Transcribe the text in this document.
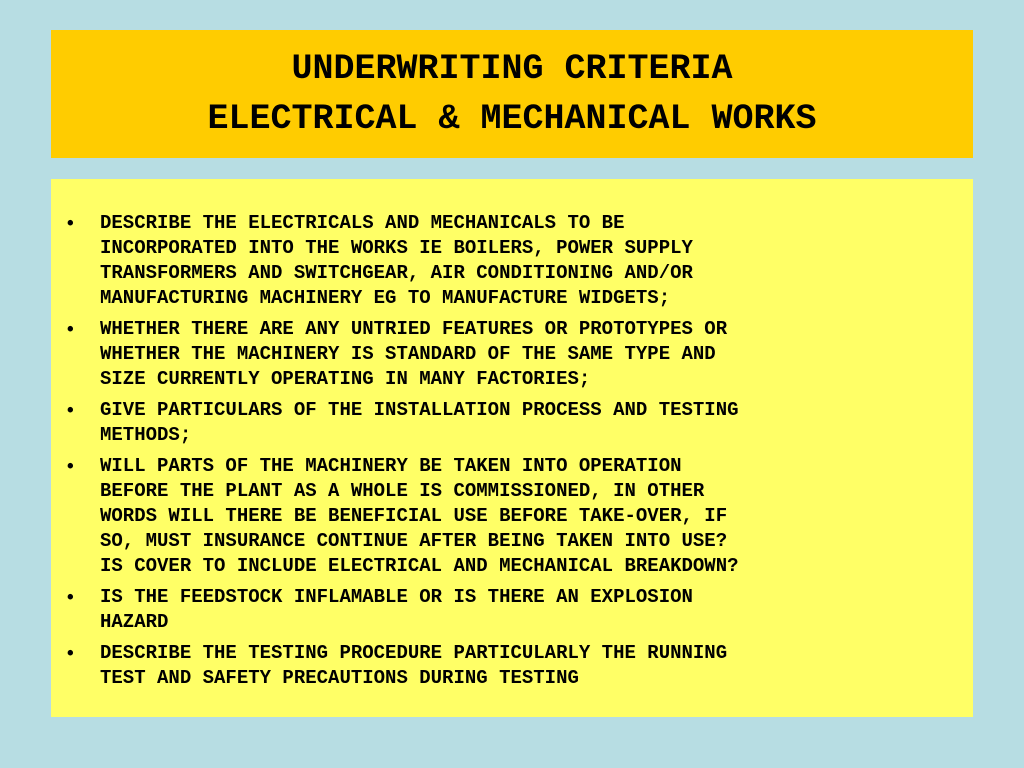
UNDERWRITING CRITERIA
ELECTRICAL & MECHANICAL WORKS
• DESCRIBE THE ELECTRICALS AND MECHANICALS TO BE
INCORPORATED INTO THE WORKS IE BOILERS, POWER SUPPLY
TRANSFORMERS AND SWITCHGEAR, AIR CONDITIONING AND/OR
MANUFACTURING MACHINERY EG TO MANUFACTURE WIDGETS;
• WHETHER THERE ARE ANY UNTRIED FEATURES OR PROTOTYPES OR
WHETHER THE MACHINERY IS STANDARD OF THE SAME TYPE AND
SIZE CURRENTLY OPERATING IN MANY FACTORIES;
• GIVE PARTICULARS OF THE INSTALLATION PROCESS AND TESTING
METHODS;
• WILL PARTS OF THE MACHINERY BE TAKEN INTO OPERATION
BEFORE THE PLANT AS A WHOLE IS COMMISSIONED, IN OTHER
WORDS WILL THERE BE BENEFICIAL USE BEFORE TAKE-OVER, IF
SO, MUST INSURANCE CONTINUE AFTER BEING TAKEN INTO USE?
IS COVER TO INCLUDE ELECTRICAL AND MECHANICAL BREAKDOWN?
• IS THE FEEDSTOCK INFLAMABLE OR IS THERE AN EXPLOSION
HAZARD
• DESCRIBE THE TESTING PROCEDURE PARTICULARLY THE RUNNING
TEST AND SAFETY PRECAUTIONS DURING TESTING
